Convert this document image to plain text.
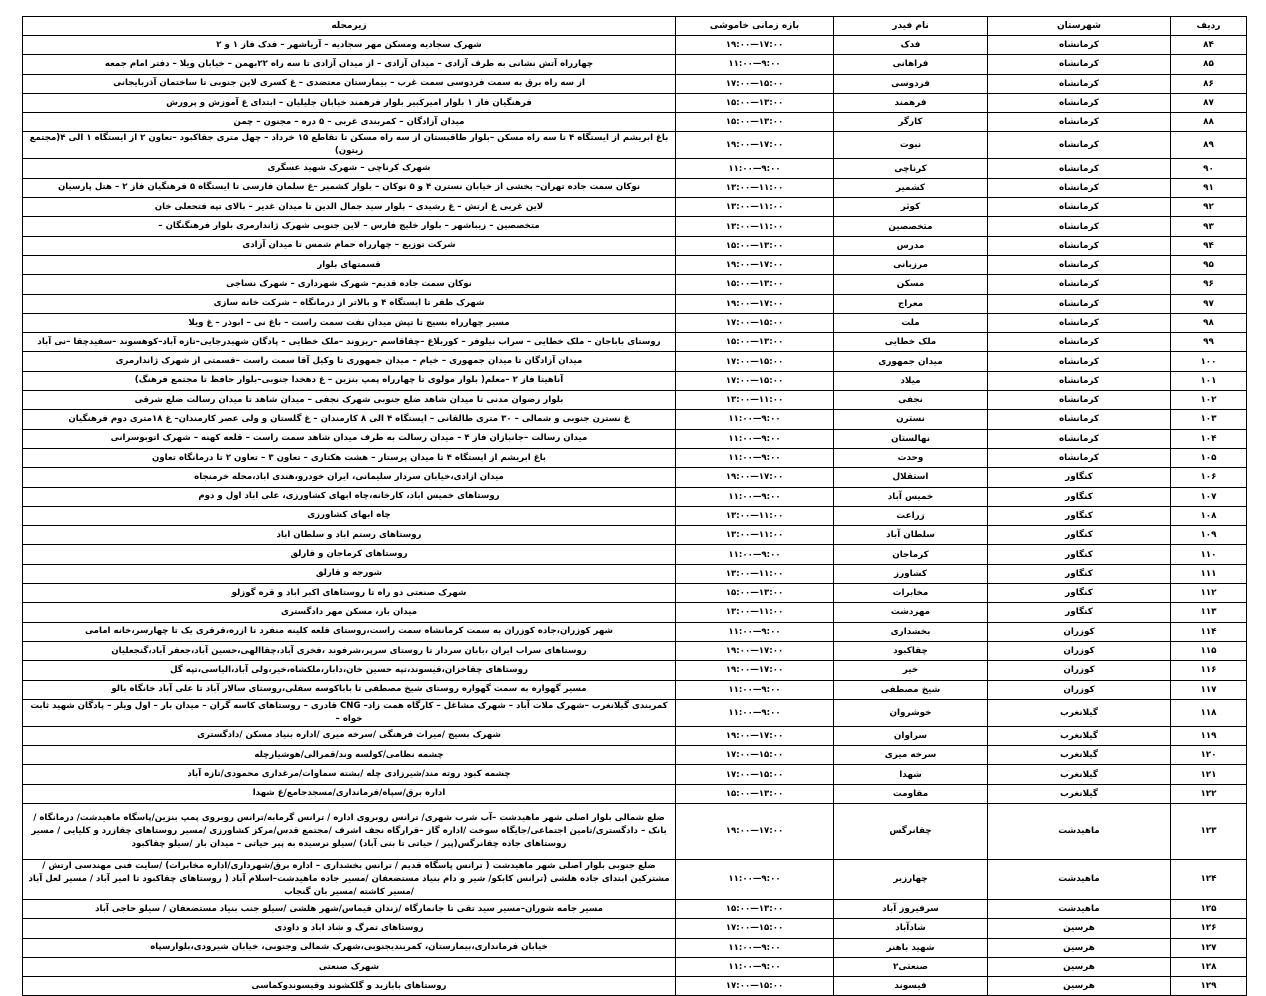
ردیف	شهرستان	نام فیدر	بازه زمانی خاموشی	زیرمحله
۸۴	کرمانشاه	فدک	۱۷:۰۰—۱۹:۰۰	شهرک سجادیه ومسکن مهر سجادیه – آریاشهر – فدک فاز ۱ و ۲
۸۵	کرمانشاه	فراهانی	۹:۰۰—۱۱:۰۰	چهارراه آتش نشانی به طرف آزادی – میدان آزادی – از میدان آزادی تا سه راه ۲۲بهمن – خیابان ویلا – دفتر امام جمعه
۸۶	کرمانشاه	فردوسی	۱۵:۰۰—۱۷:۰۰	از سه راه برق به سمت فردوسی سمت غرب – بیمارستان معتضدی – غ کسری لاین جنوبی تا ساختمان آذربایجانی
۸۷	کرمانشاه	فرهمند	۱۳:۰۰—۱۵:۰۰	فرهنگیان فاز ۱ بلوار امیرکبیر بلوار فرهمند خیابان جلیلیان – ابتدای غ آموزش و پرورش
۸۸	کرمانشاه	کارگر	۱۳:۰۰—۱۵:۰۰	میدان آزادگان – کمربندی غربی – ۵ دره – مجنون – چمن
۸۹	کرمانشاه	نبوت	۱۷:۰۰—۱۹:۰۰	باغ ابریشم از ایستگاه ۴ تا سه راه مسکن –بلوار طاقبستان از سه راه مسکن تا تقاطع ۱۵ خرداد – چهل متری جقاکبود –تعاون ۲ از ایستگاه ۱ الی ۴(مجتمع زیتون)
۹۰	کرمانشاه	کرناچی	۹:۰۰—۱۱:۰۰	شهرک کرناچی – شهرک شهید عسگری
۹۱	کرمانشاه	کشمیر	۱۱:۰۰—۱۳:۰۰	نوکان سمت جاده تهران– بخشی از خیابان نسترن ۴ و ۵ نوکان – بلوار کشمیر –غ سلمان فارسی تا ایستگاه ۵ فرهنگیان فاز ۲ – هتل پارسیان
۹۲	کرمانشاه	کوثر	۱۱:۰۰—۱۳:۰۰	لاین غربی غ ارتش – غ رشیدی – بلوار سید جمال الدین تا میدان غدیر – بالای تپه فتحعلی خان
۹۳	کرمانشاه	متخصصین	۱۱:۰۰—۱۳:۰۰	متخصصین – زیباشهر – بلوار خلیج فارس – لاین جنوبی شهرک ژاندارمری بلوار فرهنگنگان –
۹۴	کرمانشاه	مدرس	۱۳:۰۰—۱۵:۰۰	شرکت توزیع – چهارراه حمام شمس تا میدان آزادی
۹۵	کرمانشاه	مرزبانی	۱۷:۰۰—۱۹:۰۰	قسمتهای بلوار
۹۶	کرمانشاه	مسکن	۱۳:۰۰—۱۵:۰۰	نوکان سمت جاده قدیم– شهرک شهرداری – شهرک نساجی
۹۷	کرمانشاه	معراج	۱۷:۰۰—۱۹:۰۰	شهرک ظفر تا ایستگاه ۴ و بالاتر از درمانگاه – شرکت خانه سازی
۹۸	کرمانشاه	ملت	۱۵:۰۰—۱۷:۰۰	مسیر چهارراه بسیج تا تپش میدان نفت سمت راست – باغ نی – ابوذر – غ ویلا
۹۹	کرمانشاه	ملک خطایی	۱۳:۰۰—۱۵:۰۰	روستای باباجان – ملک خطایی – سراب نیلوفر – کوربلاغ –چقاقاسم –ریزوند –ملک خطایی – پادگان شهیدرجایی–تازه آباد–کوهسوند –سفیدچقا –نی آباد
۱۰۰	کرمانشاه	میدان جمهوری	۱۵:۰۰—۱۷:۰۰	میدان آزادگان تا میدان جمهوری – خیام – میدان جمهوری تا وکیل آقا سمت راست –قسمتی از شهرک ژاندارمری
۱۰۱	کرمانشاه	میلاد	۱۵:۰۰—۱۷:۰۰	آناهیتا فاز ۲ –معلم( بلوار مولوی تا چهارراه پمپ بنزین – غ دهخدا جنوبی–بلوار حافظ تا مجتمع فرهنگ)
۱۰۲	کرمانشاه	نجفی	۱۱:۰۰—۱۳:۰۰	بلوار رضوان مدنی تا میدان شاهد ضلع جنوبی شهرک نجفی – میدان شاهد تا میدان رسالت ضلع شرقی
۱۰۳	کرمانشاه	نسترن	۹:۰۰—۱۱:۰۰	غ نسترن جنوبی و شمالی – ۳۰ متری طالقانی – ایستگاه ۴ الی ۸ کارمندان – غ گلستان و ولی عصر کارمندان– غ ۱۸متری دوم فرهنگیان
۱۰۴	کرمانشاه	نهالستان	۹:۰۰—۱۱:۰۰	میدان رسالت –جانبازان فاز ۴ – میدان رسالت به طرف میدان شاهد سمت راست – قلعه کهنه – شهرک اتوبوسرانی
۱۰۵	کرمانشاه	وحدت	۹:۰۰—۱۱:۰۰	باغ ابریشم از ایستگاه ۴ تا میدان پرستار – هشت هکتاری – تعاون ۳ – تعاون ۲ تا درمانگاه تعاون
۱۰۶	کنگاور	استقلال	۱۷:۰۰—۱۹:۰۰	میدان ازادی،خیابان سردار سلیمانی، ایران خودرو،هندی اباد،محله خرمنجاه
۱۰۷	کنگاور	خمیس آباد	۹:۰۰—۱۱:۰۰	روستاهای خمیس اباد، کارخانه،چاه ابهای کشاورزی، علی اباد اول و دوم
۱۰۸	کنگاور	زراعت	۱۱:۰۰—۱۳:۰۰	چاه ابهای کشاورزی
۱۰۹	کنگاور	سلطان آباد	۱۱:۰۰—۱۳:۰۰	روستاهای رستم اباد و سلطان اباد
۱۱۰	کنگاور	کرماجان	۹:۰۰—۱۱:۰۰	روستاهای کرماجان و قارلق
۱۱۱	کنگاور	کشاورز	۱۱:۰۰—۱۳:۰۰	شورجه و قارلق
۱۱۲	کنگاور	مخابرات	۱۳:۰۰—۱۵:۰۰	شهرک صنعتی دو راه تا روستاهای اکبر اباد و قره گوزلو
۱۱۳	کنگاور	مهردشت	۱۱:۰۰—۱۳:۰۰	میدان بار، مسکن مهر دادگستری
۱۱۴	کوزران	بخشداری	۹:۰۰—۱۱:۰۰	شهر کوزران،جاده کوزران به سمت کرمانشاه سمت راست،روستای قلعه کلینه منفرد تا ازره،قرقری یک تا چهارسر،خانه امامی
۱۱۵	کوزران	چقاکبود	۱۷:۰۰—۱۹:۰۰	روستاهای سراب ایران ،بابان سردار تا روستای سرپر،شرفوند ،فخری آباد،چقاالهی،حسین آباد،جعفر آباد،گنجعلیان
۱۱۶	کوزران	خیر	۱۷:۰۰—۱۹:۰۰	روستاهای چقاخزان،قیسوند،تپه حسین خان،دابار،ملکشاه،خیر،ولی آباد،الیاسی،تپه گل
۱۱۷	کوزران	شیخ مصطفی	۹:۰۰—۱۱:۰۰	مسیر گهواره به سمت گهواره روستای شیخ مصطفی تا باباکوسه سفلی،روستای سالار آباد تا علی آباد خانگاه بالو
۱۱۸	گیلانغرب	خوشروان	۹:۰۰—۱۱:۰۰	کمربندی گیلانغرب –شهرک ملات آباد – شهرک مشاغل – کارگاه همت زاد– CNG قادری – روستاهای کاسه گران – میدان بار – اول ویلر – پادگان شهید ثابت خواه –
۱۱۹	گیلانغرب	سراوان	۱۷:۰۰—۱۹:۰۰	شهرک بسیج /میراث فرهنگی /سرخه میری /اداره بنیاد مسکن /دادگستری
۱۲۰	گیلانغرب	سرخه میری	۱۵:۰۰—۱۷:۰۰	چشمه نظامی/کولسه وند/قمرالی/هوشیارچله
۱۲۱	گیلانغرب	شهدا	۱۵:۰۰—۱۷:۰۰	چشمه کبود روته مند/شیرزادی چله /بشته سماوات/مرغداری محمودی/تازه آباد
۱۲۲	گیلانغرب	مقاومت	۱۳:۰۰—۱۵:۰۰	اداره برق/سپاه/فرمانداری/مسجدجامع/غ شهدا
۱۲۳	ماهیدشت	چقانرگس	۱۷:۰۰—۱۹:۰۰	ضلع شمالی بلوار اصلی شهر ماهیدشت –آب شرب شهری/ ترانس روبروی اداره / ترانس گرمابه/ترانس روبروی پمپ بنزین/پاسگاه ماهیدشت/ درمانگاه /بانک – دادگستری/تامین اجتماعی/جایگاه سوخت /اداره گاز –قرارگاه نجف اشرف /مجتمع قدس/مرکز کشاورزی /مسیر روستاهای چقازرد و کلیایی / مسیر روستاهای جاده چقانرگس(پیر / حیاتی تا بنی آباد) /سیلو نرسیده به پیر حیاتی – میدان بار /سیلو چقاکبود
۱۲۴	ماهیدشت	چهارزبر	۹:۰۰—۱۱:۰۰	ضلع جنوبی بلوار اصلی شهر ماهیدشت ( ترانس پاسگاه قدیم / ترانس بخشداری – اداره برق/شهرداری/اداره مخابرات) /سایت فنی مهندسی ارتش / مشترکین ابتدای جاده هلشی (ترانس کابکو/ شیر و دام بنیاد مستضعفان /مسیر جاده ماهیدشت–اسلام آباد ( روستاهای چقاکبود تا امیر آباد / مسیر لعل آباد /مسیر کاشته /مسیر بان گنجاب
۱۲۵	ماهیدشت	سرفیروز آباد	۱۳:۰۰—۱۵:۰۰	مسیر جامه شوران–مسیر سید تقی تا جانمارگاه /زندان قیماس/شهر هلشی /سیلو جنب بنیاد مستضعفان / سیلو حاجی آباد
۱۲۶	هرسین	شادآباد	۱۵:۰۰—۱۷:۰۰	روستاهای تمرگ و شاد اباد و داودی
۱۲۷	هرسین	شهید باهنر	۹:۰۰—۱۱:۰۰	خیابان فرمانداری،بیمارستان، کمربندیجنوبی،شهرک شمالی وجنوبی، خیابان شیرودی،بلوارسپاه
۱۲۸	هرسین	صنعتی۲	۹:۰۰—۱۱:۰۰	شهرک صنعتی
۱۲۹	هرسین	فیسوند	۱۵:۰۰—۱۷:۰۰	روستاهای بابازید و گلکشوند وقیسوندوکماسی
